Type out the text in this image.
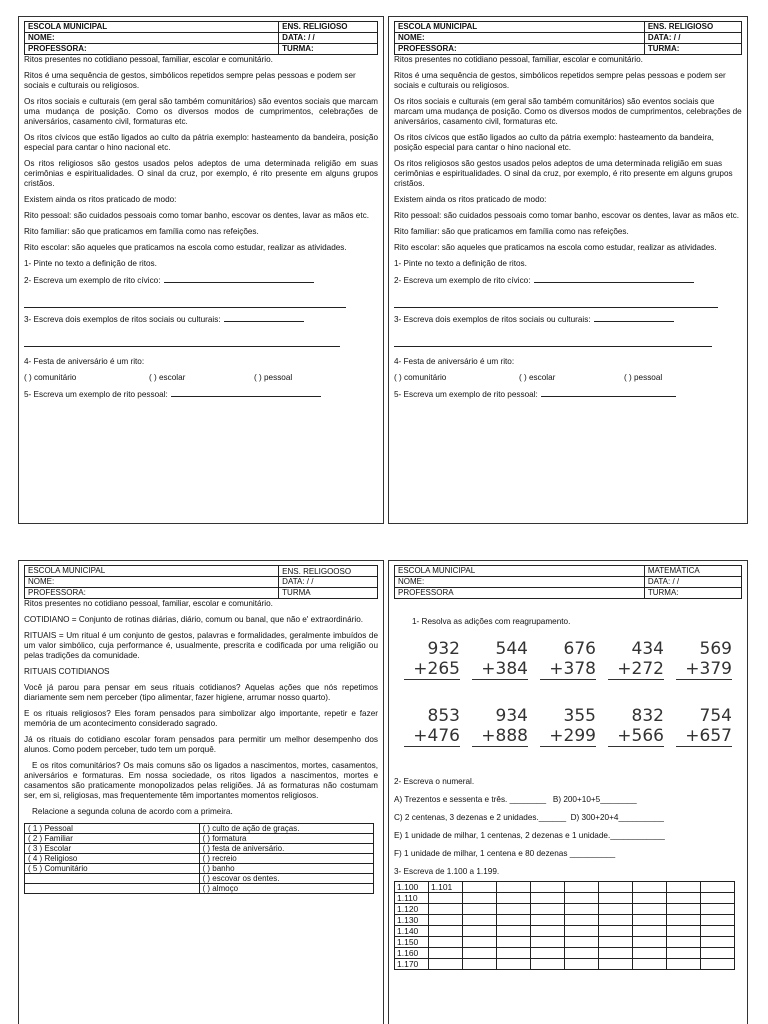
ESCOLA MUNICIPAL	ENS. RELIGIOSO
NOME:	DATA: / /
PROFESSORA:	TURMA:

Ritos presentes no cotidiano pessoal, familiar, escolar e comunitário.

Ritos é uma sequência de gestos, simbólicos repetidos sempre pelas pessoas e podem ser sociais e culturais ou religiosos.

Os ritos sociais e culturais (em geral são também comunitários) são eventos sociais que marcam uma mudança de posição. Como os diversos modos de cumprimentos, celebrações de aniversários, casamento civil, formaturas etc.

Os ritos cívicos que estão ligados ao culto da pátria exemplo: hasteamento da bandeira, posição especial para cantar o hino nacional etc.

Os ritos religiosos são gestos usados pelos adeptos de uma determinada religião em suas cerimônias e espiritualidades. O sinal da cruz, por exemplo, é rito presente em alguns grupos cristãos.

Existem ainda os ritos praticado de modo:

Rito pessoal: são cuidados pessoais como tomar banho, escovar os dentes, lavar as mãos etc.

Rito familiar: são que praticamos em família como nas refeições.

Rito escolar: são aqueles que praticamos na escola como estudar, realizar as atividades.

1- Pinte no texto a definição de ritos.

2- Escreva um exemplo de rito cívico:

3- Escreva dois exemplos de ritos sociais ou culturais:

4- Festa de aniversário é um rito:

( ) comunitário	( ) escolar	( ) pessoal

5- Escreva um exemplo de rito pessoal:

ESCOLA MUNICIPAL	ENS. RELIGIOSO
NOME:	DATA: / /
PROFESSORA:	TURMA:

Ritos presentes no cotidiano pessoal, familiar, escolar e comunitário.

Ritos é uma sequência de gestos, simbólicos repetidos sempre pelas pessoas e podem ser sociais e culturais ou religiosos.

Os ritos sociais e culturais (em geral são também comunitários) são eventos sociais que marcam uma mudança de posição. Como os diversos modos de cumprimentos, celebrações de aniversários, casamento civil, formaturas etc.

Os ritos cívicos que estão ligados ao culto da pátria exemplo: hasteamento da bandeira, posição especial para cantar o hino nacional etc.

Os ritos religiosos são gestos usados pelos adeptos de uma determinada religião em suas cerimônias e espiritualidades. O sinal da cruz, por exemplo, é rito presente em alguns grupos cristãos.

Existem ainda os ritos praticado de modo:

Rito pessoal: são cuidados pessoais como tomar banho, escovar os dentes, lavar as mãos etc.

Rito familiar: são que praticamos em família como nas refeições.

Rito escolar: são aqueles que praticamos na escola como estudar, realizar as atividades.

1- Pinte no texto a definição de ritos.

2- Escreva um exemplo de rito cívico:

3- Escreva dois exemplos de ritos sociais ou culturais:

4- Festa de aniversário é um rito:

( ) comunitário	( ) escolar	( ) pessoal

5- Escreva um exemplo de rito pessoal:

ESCOLA MUNICIPAL	ENS. RELIGOOSO
NOME:	DATA: / /
PROFESSORA:	TURMA

Ritos presentes no cotidiano pessoal, familiar, escolar e comunitário.

COTIDIANO = Conjunto de rotinas diárias, diário, comum ou banal, que não e' extraordinário.

RITUAIS = Um ritual é um conjunto de gestos, palavras e formalidades, geralmente imbuídos de um valor simbólico, cuja performance é, usualmente, prescrita e codificada por uma religião ou pelas tradições da comunidade.

RITUAIS COTIDIANOS

Você já parou para pensar em seus rituais cotidianos? Aquelas ações que nós repetimos diariamente sem nem perceber (tipo alimentar, fazer higiene, arrumar nosso quarto).

E os rituais religiosos? Eles foram pensados para simbolizar algo importante, repetir e fazer memória de um acontecimento considerado sagrado.

Já os rituais do cotidiano escolar foram pensados para permitir um melhor desempenho dos alunos. Como podem perceber, tudo tem um porquê.

E os ritos comunitários? Os mais comuns são os ligados a nascimentos, mortes, casamentos, aniversários e formaturas. Em nossa sociedade, os ritos ligados a nascimentos, mortes e casamentos são praticamente monopolizados pelas religiões. Já as formaturas não costumam ser, em si, religiosas, mas frequentemente têm importantes momentos religiosos.

Relacione a segunda coluna de acordo com a primeira.

( 1 ) Pessoal	( ) culto de ação de graças.
( 2 ) Familiar	( ) formatura
( 3 ) Escolar	( ) festa de aniversário.
( 4 ) Religioso	( ) recreio
( 5 ) Comunitário	( ) banho
	( ) escovar os dentes.
	( ) almoço
ESCOLA MUNICIPAL	MATEMÁTICA
NOME:	DATA: / /
PROFESSORA	TURMA:

1- Resolva as adições com reagrupamento.

932
+265
544
+384
676
+378
434
+272
569
+379
853
+476
934
+888
355
+299
832
+566
754
+657

2- Escreva o numeral.

A) Trezentos e sessenta e três. ________ B) 200+10+5________

C) 2 centenas, 3 dezenas e 2 unidades.______ D) 300+20+4__________

E) 1 unidade de milhar, 1 centenas, 2 dezenas e 1 unidade.____________

F) 1 unidade de milhar, 1 centena e 80 dezenas __________

3- Escreva de 1.100 a 1.199.

1.100	1.101								
1.110									
1.120									
1.130									
1.140									
1.150									
1.160									
1.170									
